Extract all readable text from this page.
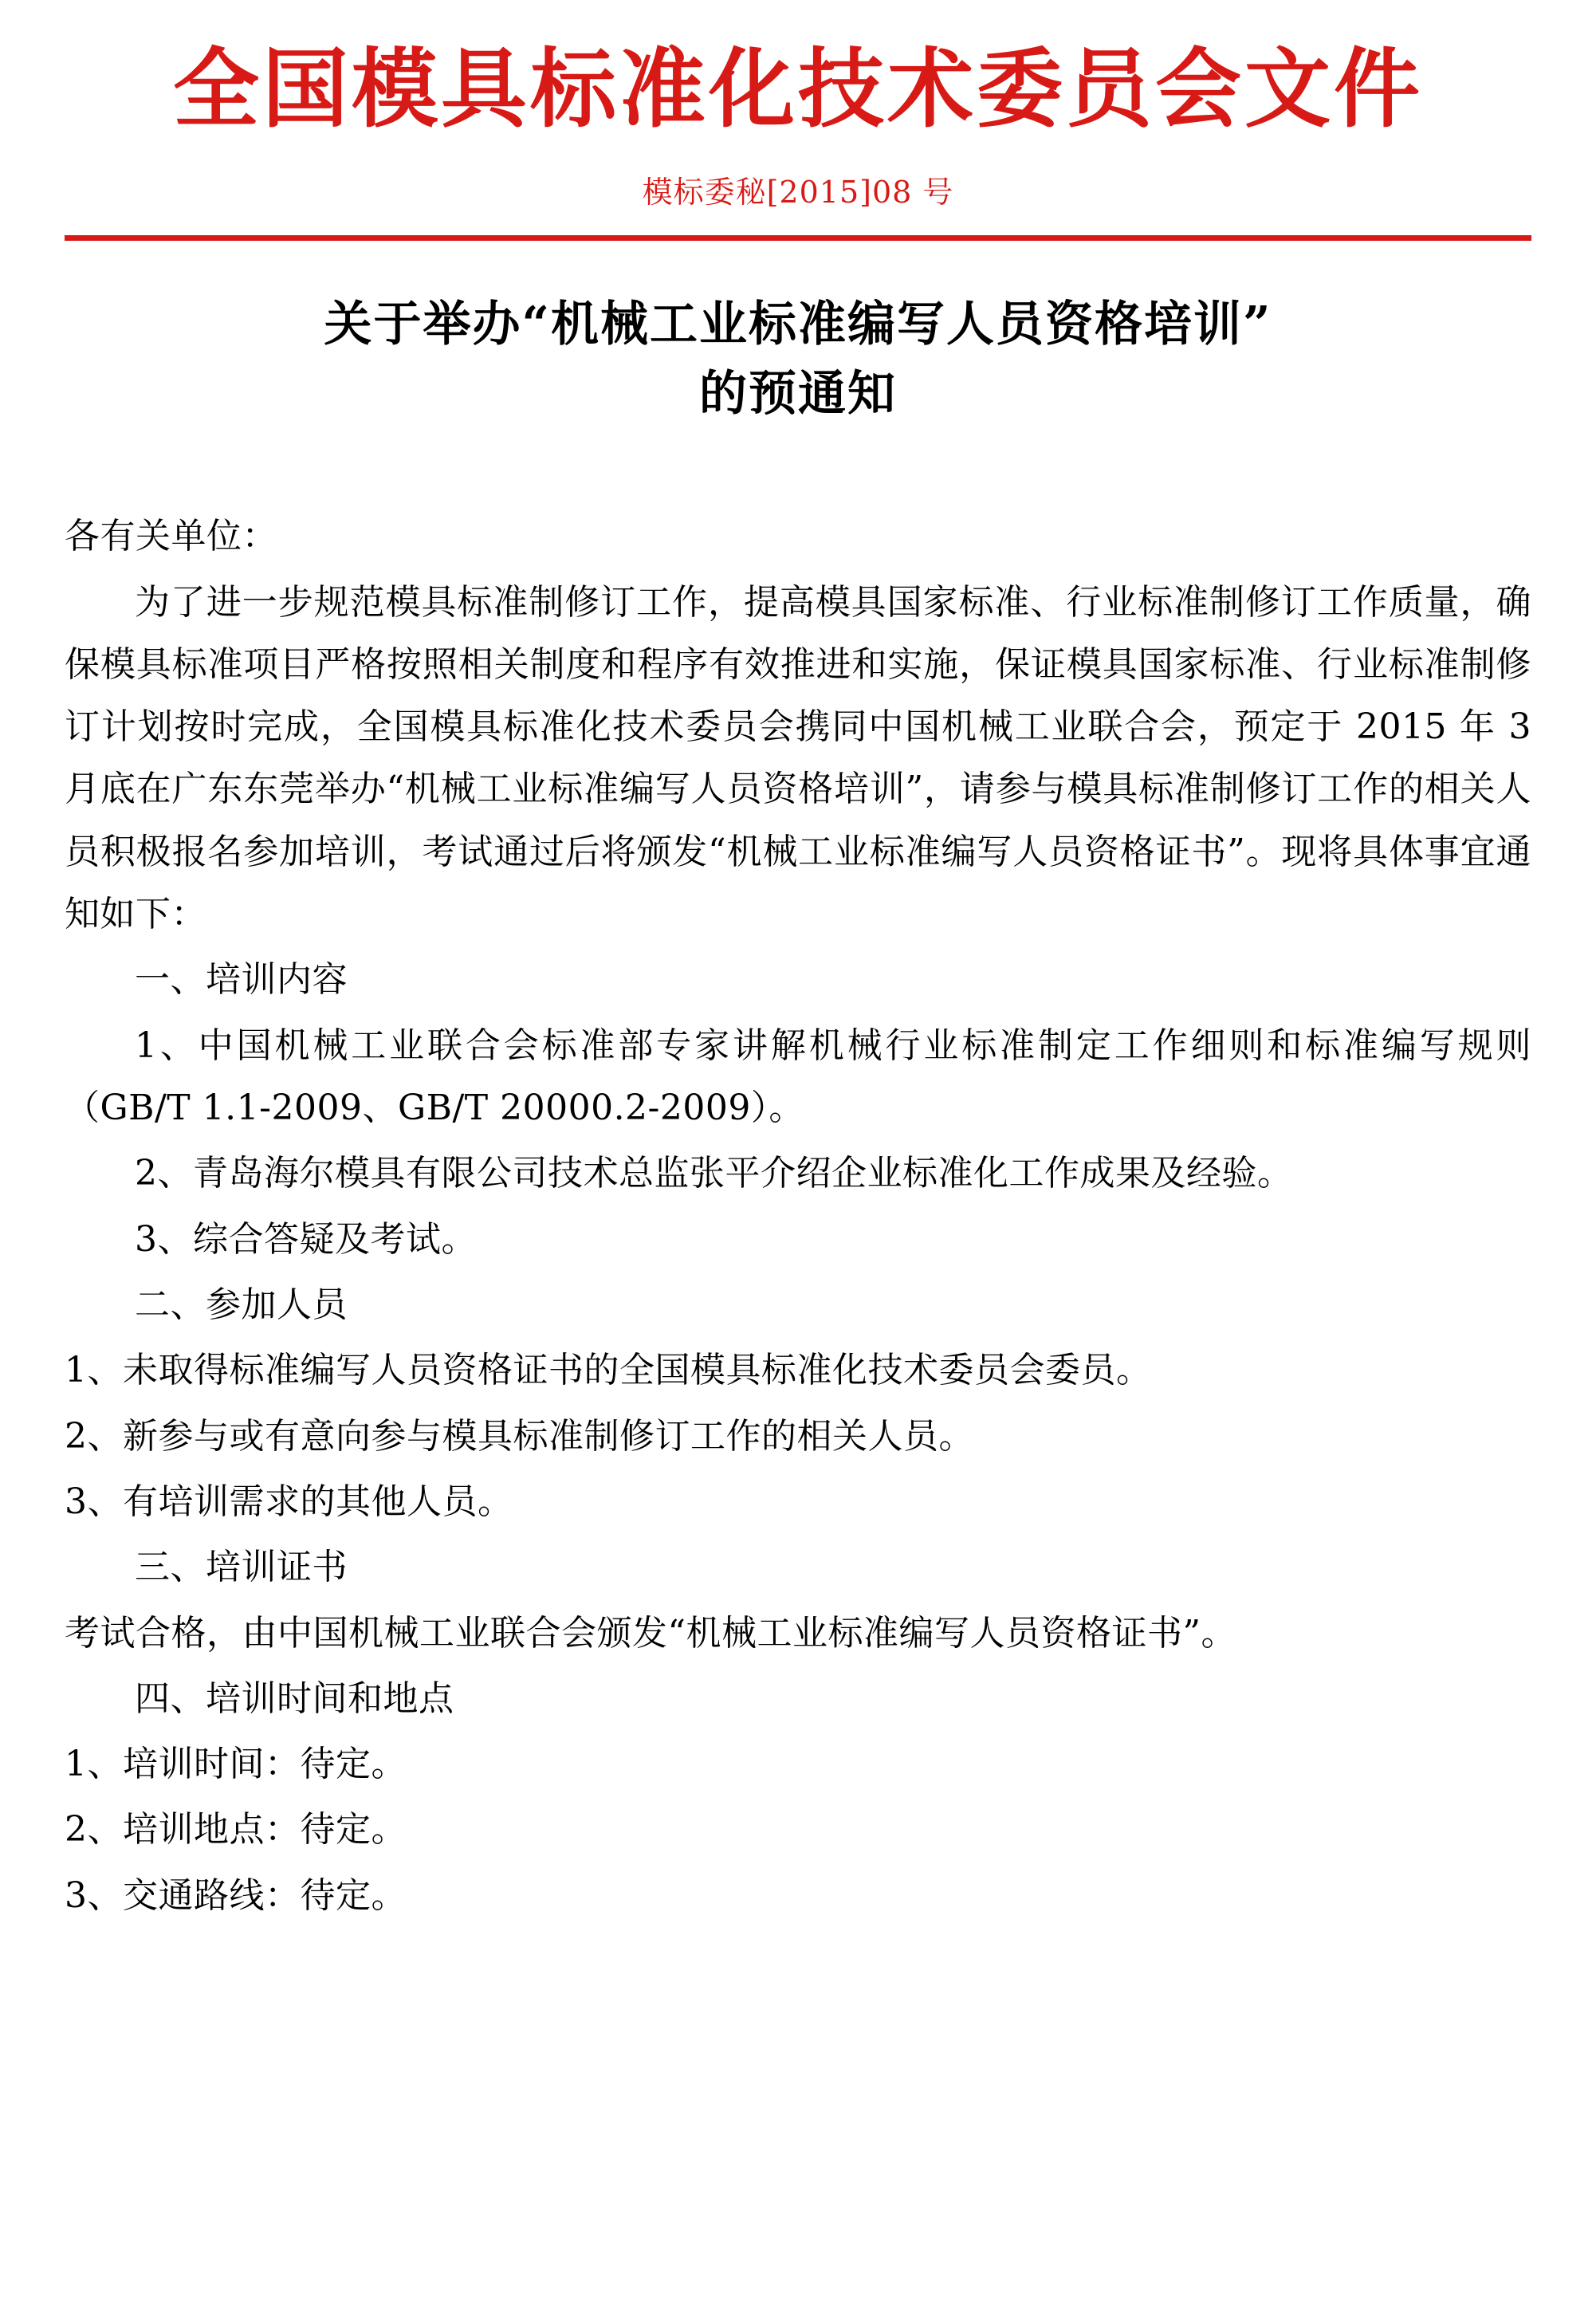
全国模具标准化技术委员会文件
模标委秘[2015]08 号
关于举办“机械工业标准编写人员资格培训”
的预通知

各有关单位：

为了进一步规范模具标准制修订工作，提高模具国家标准、行业标准制修订工作质量，确保模具标准项目严格按照相关制度和程序有效推进和实施，保证模具国家标准、行业标准制修订计划按时完成，全国模具标准化技术委员会携同中国机械工业联合会，预定于 2015 年 3 月底在广东东莞举办“机械工业标准编写人员资格培训”，请参与模具标准制修订工作的相关人员积极报名参加培训，考试通过后将颁发“机械工业标准编写人员资格证书”。现将具体事宜通知如下：

一、培训内容

1、中国机械工业联合会标准部专家讲解机械行业标准制定工作细则和标准编写规则（GB/T 1.1-2009、GB/T 20000.2-2009）。

2、青岛海尔模具有限公司技术总监张平介绍企业标准化工作成果及经验。

3、综合答疑及考试。

二、参加人员

1、未取得标准编写人员资格证书的全国模具标准化技术委员会委员。

2、新参与或有意向参与模具标准制修订工作的相关人员。

3、有培训需求的其他人员。

三、培训证书

考试合格，由中国机械工业联合会颁发“机械工业标准编写人员资格证书”。

四、培训时间和地点

1、培训时间：待定。

2、培训地点：待定。

3、交通路线：待定。
